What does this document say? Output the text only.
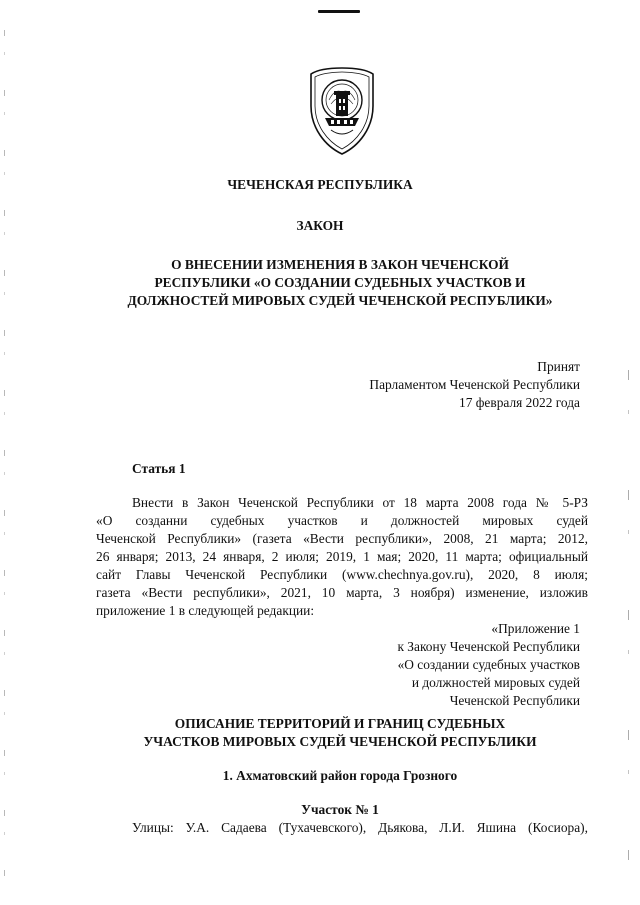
ЧЕЧЕНСКАЯ РЕСПУБЛИКА
ЗАКОН
О ВНЕСЕНИИ ИЗМЕНЕНИЯ В ЗАКОН ЧЕЧЕНСКОЙ
РЕСПУБЛИКИ «О СОЗДАНИИ СУДЕБНЫХ УЧАСТКОВ И
ДОЛЖНОСТЕЙ МИРОВЫХ СУДЕЙ ЧЕЧЕНСКОЙ РЕСПУБЛИКИ»
Принят
Парламентом Чеченской Республики
17 февраля 2022 года
Статья 1
Внести в Закон Чеченской Республики от 18 марта 2008 года № 5-РЗ
«О созданни судебных участков и должностей мировых судей
Чеченской Республики» (газета «Вести республики», 2008, 21 марта; 2012,
26 января; 2013, 24 января, 2 июля; 2019, 1 мая; 2020, 11 марта; официальный
сайт Главы Чеченской Республики (www.chechnya.gov.ru), 2020, 8 июля;
газета «Вести республики», 2021, 10 марта, 3 ноября) изменение, изложив
приложение 1 в следующей редакции:
«Приложение 1
к Закону Чеченской Республики
«О создании судебных участков
и должностей мировых судей
Чеченской Республики
ОПИСАНИЕ ТЕРРИТОРИЙ И ГРАНИЦ СУДЕБНЫХ
УЧАСТКОВ МИРОВЫХ СУДЕЙ ЧЕЧЕНСКОЙ РЕСПУБЛИКИ
1. Ахматовский район города Грозного
Участок № 1
Улицы: У.А. Садаева (Тухачевского), Дьякова, Л.И. Яшина (Косиора),
